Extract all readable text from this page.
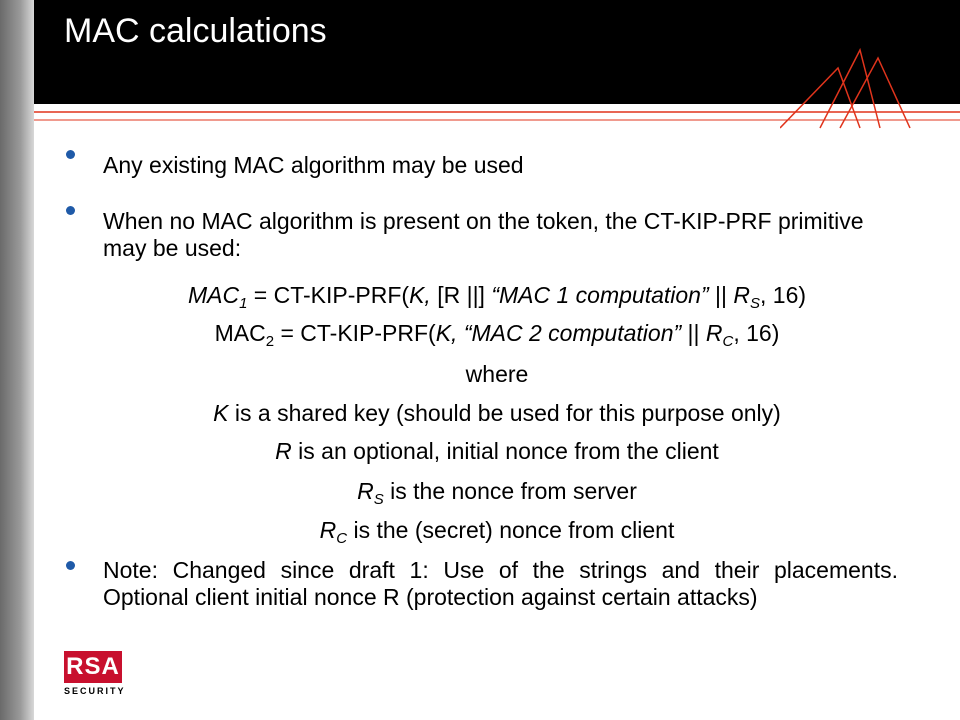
MAC calculations
Any existing MAC algorithm may be used
When no MAC algorithm is present on the token, the CT-KIP-PRF primitive may be used:
$MAC_1 = CT-KIP-PRF(K$, [R ||] “MAC 1 computation” || $R_S$, 16)
$MAC_2 = CT-KIP-PRF(K$, “MAC 2 computation” || $R_C$, 16)
where
K is a shared key (should be used for this purpose only)
R is an optional, initial nonce from the client
$R_S$ is the nonce from server
$R_C$ is the (secret) nonce from client
Note: Changed since draft 1: Use of the strings and their placements. Optional client initial nonce R (protection against certain attacks)
RSA
SECURITY
